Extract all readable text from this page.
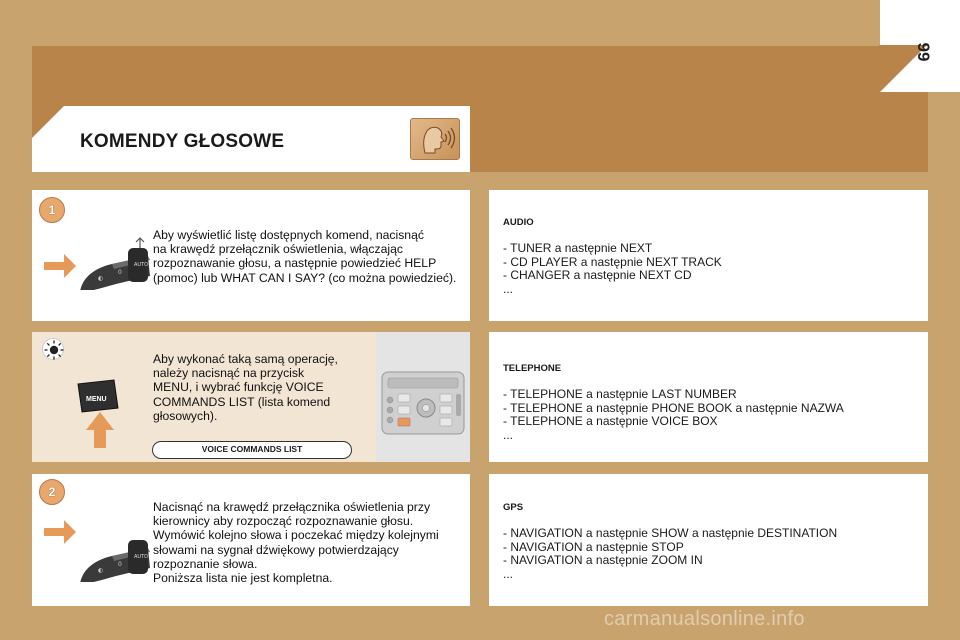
99
KOMENDY GŁOSOWE
Aby wyświetlić listę dostępnych komend, nacisnąć
na krawędź przełącznik oświetlenia, włączając
rozpoznawanie głosu, a następnie powiedzieć HELP
(pomoc) lub WHAT CAN I SAY? (co można powiedzieć).
◐
0
AUTO
1
Aby wykonać taką samą operację,
należy nacisnąć na przycisk
MENU, i wybrać funkcję VOICE
COMMANDS LIST (lista komend
głosowych).
MENU
VOICE COMMANDS LIST
Nacisnąć na krawędź przełącznika oświetlenia przy
kierownicy aby rozpocząć rozpoznawanie głosu.
Wymówić kolejno słowa i poczekać między kolejnymi
słowami na sygnał dźwiękowy potwierdzający
rozpoznanie słowa.
Poniższa lista nie jest kompletna.
◐
0
AUTO
2
AUDIO
- TUNER a następnie NEXT
- CD PLAYER a następnie NEXT TRACK
- CHANGER a następnie NEXT CD
...
TELEPHONE
- TELEPHONE a następnie LAST NUMBER
- TELEPHONE a następnie PHONE BOOK a następnie NAZWA
- TELEPHONE a następnie VOICE BOX
...
GPS
- NAVIGATION a następnie SHOW a następnie DESTINATION
- NAVIGATION a następnie STOP
- NAVIGATION a następnie ZOOM IN
...
carmanualsonline.info
